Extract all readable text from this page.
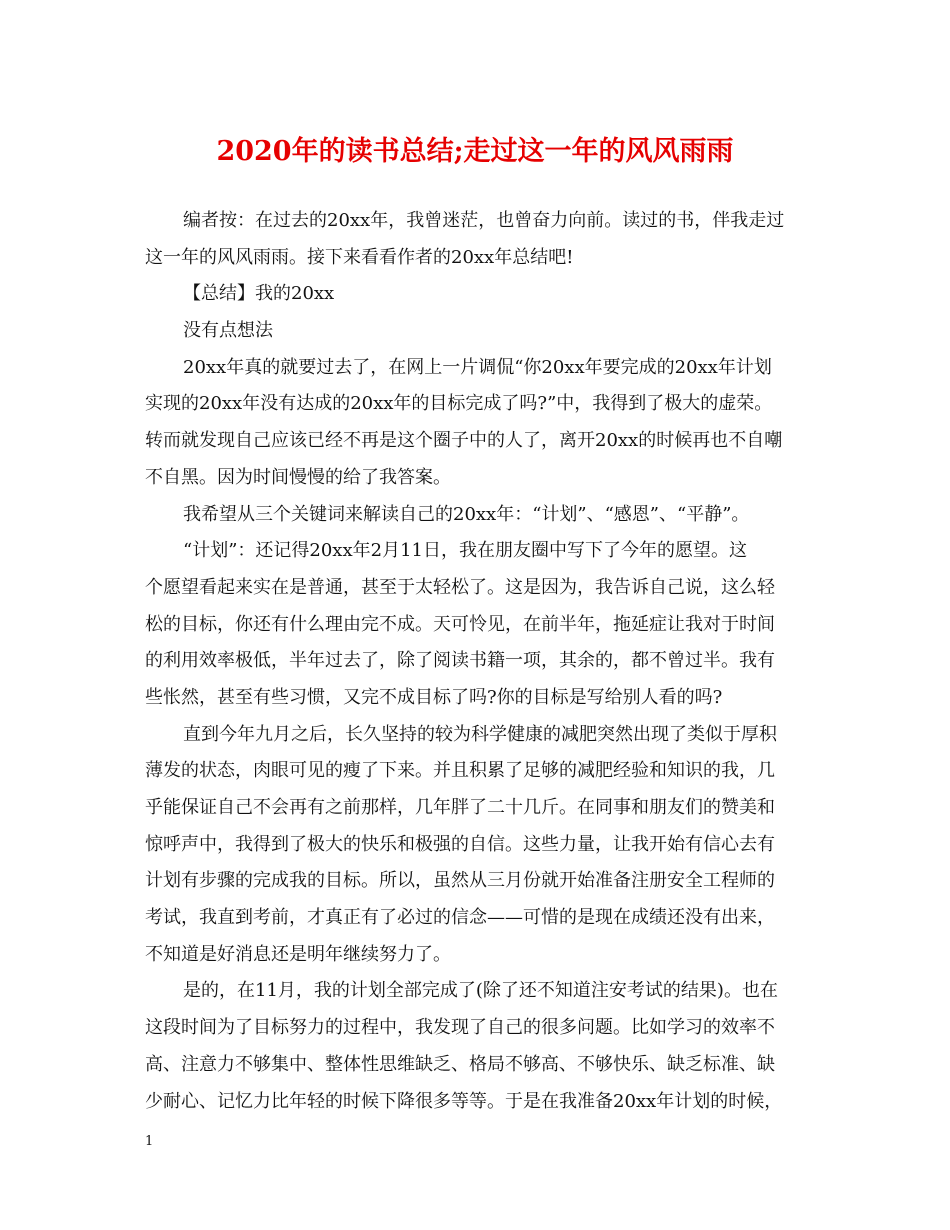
2020年的读书总结;走过这一年的风风雨雨
编者按：在过去的20xx年，我曾迷茫，也曾奋力向前。读过的书，伴我走过
这一年的风风雨雨。接下来看看作者的20xx年总结吧!
【总结】我的20xx
没有点想法
20xx年真的就要过去了，在网上一片调侃“你20xx年要完成的20xx年计划
实现的20xx年没有达成的20xx年的目标完成了吗?”中，我得到了极大的虚荣。
转而就发现自己应该已经不再是这个圈子中的人了，离开20xx的时候再也不自嘲
不自黑。因为时间慢慢的给了我答案。
我希望从三个关键词来解读自己的20xx年：“计划”、“感恩”、“平静”。
“计划”：还记得20xx年2月11日，我在朋友圈中写下了今年的愿望。这
个愿望看起来实在是普通，甚至于太轻松了。这是因为，我告诉自己说，这么轻
松的目标，你还有什么理由完不成。天可怜见，在前半年，拖延症让我对于时间
的利用效率极低，半年过去了，除了阅读书籍一项，其余的，都不曾过半。我有
些怅然，甚至有些习惯，又完不成目标了吗?你的目标是写给别人看的吗?
直到今年九月之后，长久坚持的较为科学健康的减肥突然出现了类似于厚积
薄发的状态，肉眼可见的瘦了下来。并且积累了足够的减肥经验和知识的我，几
乎能保证自己不会再有之前那样，几年胖了二十几斤。在同事和朋友们的赞美和
惊呼声中，我得到了极大的快乐和极强的自信。这些力量，让我开始有信心去有
计划有步骤的完成我的目标。所以，虽然从三月份就开始准备注册安全工程师的
考试，我直到考前，才真正有了必过的信念——可惜的是现在成绩还没有出来，
不知道是好消息还是明年继续努力了。
是的，在11月，我的计划全部完成了(除了还不知道注安考试的结果)。也在
这段时间为了目标努力的过程中，我发现了自己的很多问题。比如学习的效率不
高、注意力不够集中、整体性思维缺乏、格局不够高、不够快乐、缺乏标准、缺
少耐心、记忆力比年轻的时候下降很多等等。于是在我准备20xx年计划的时候，
1
